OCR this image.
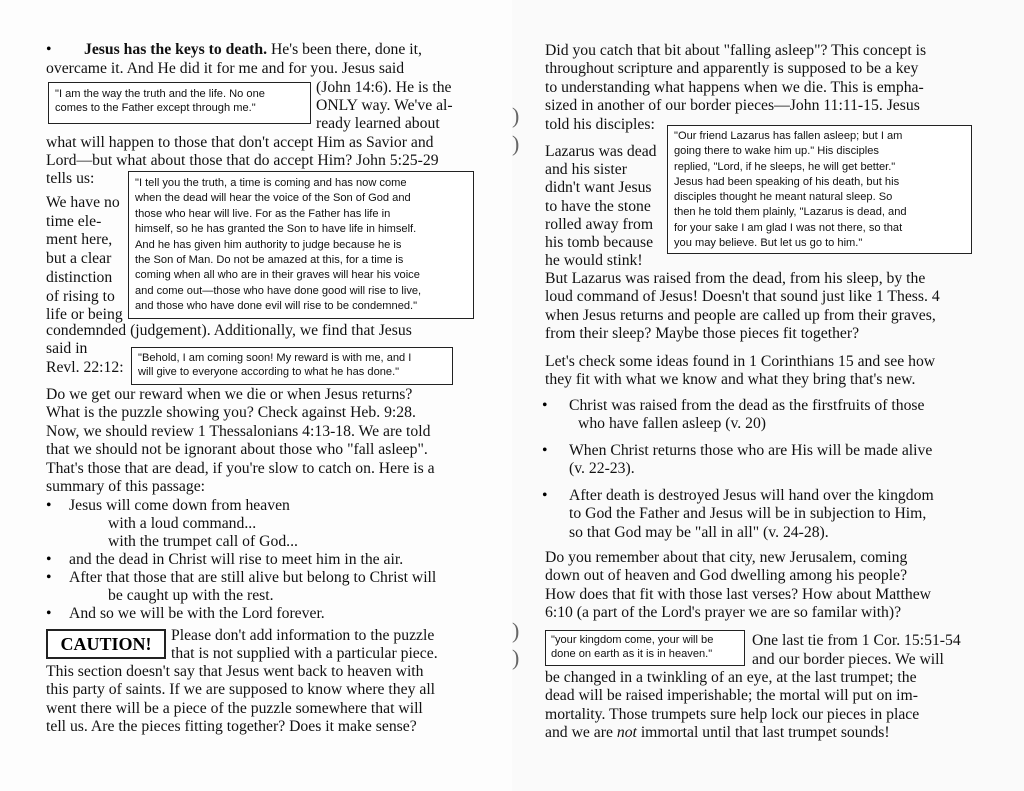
• Jesus has the keys to death. He's been there, done it,

overcame it. And He did it for me and for you. Jesus said

"I am the way the truth and the life. No one
comes to the Father except through me."

(John 14:6). He is the

ONLY way. We've al-

ready learned about

what will happen to those that don't accept Him as Savior and

Lord—but what about those that do accept Him? John 5:25-29

tells us:	"I tell you the truth, a time is coming and has now come
when the dead will hear the voice of the Son of God and
those who hear will live. For as the Father has life in
himself, so he has granted the Son to have life in himself.
And he has given him authority to judge because he is
the Son of Man. Do not be amazed at this, for a time is
coming when all who are in their graves will hear his voice
and come out—those who have done good will rise to live,
and those who have done evil will rise to be condemned."
We have no
time ele-
ment here,
but a clear
distinction
of rising to
life or being

condemnded (judgement). Additionally, we find that Jesus

said in

Revl. 22:12:

"Behold, I am coming soon! My reward is with me, and I
will give to everyone according to what he has done."
Do we get our reward when we die or when Jesus returns?
What is the puzzle showing you? Check against Heb. 9:28.
Now, we should review 1 Thessalonians 4:13-18. We are told
that we should not be ignorant about those who "fall asleep".
That's those that are dead, if you're slow to catch on. Here is a
summary of this passage:
• Jesus will come down from heaven

with a loud command...

with the trumpet call of God...

• and the dead in Christ will rise to meet him in the air.

• After that those that are still alive but belong to Christ will

be caught up with the rest.

• And so we will be with the Lord forever.

CAUTION!	Please don't add information to the puzzle

that is not supplied with a particular piece.

This section doesn't say that Jesus went back to heaven with
this party of saints. If we are supposed to know where they all
went there will be a piece of the puzzle somewhere that will
tell us. Are the pieces fitting together? Does it make sense?
)
)
)
)
Did you catch that bit about "falling asleep"? This concept is
throughout scripture and apparently is supposed to be a key
to understanding what happens when we die. This is empha-
sized in another of our border pieces—John 11:11-15. Jesus
told his disciples:
"Our friend Lazarus has fallen asleep; but I am
going there to wake him up." His disciples
replied, "Lord, if he sleeps, he will get better."
Jesus had been speaking of his death, but his
disciples thought he meant natural sleep. So
then he told them plainly, "Lazarus is dead, and
for your sake I am glad I was not there, so that
you may believe. But let us go to him."
Lazarus was dead
and his sister
didn't want Jesus
to have the stone
rolled away from
his tomb because
he would stink!
But Lazarus was raised from the dead, from his sleep, by the
loud command of Jesus! Doesn't that sound just like 1 Thess. 4
when Jesus returns and people are called up from their graves,
from their sleep? Maybe those pieces fit together?
Let's check some ideas found in 1 Corinthians 15 and see how
they fit with what we know and what they bring that's new.
• Christ was raised from the dead as the firstfruits of those
who have fallen asleep (v. 20)
• When Christ returns those who are His will be made alive
(v. 22-23).
• After death is destroyed Jesus will hand over the kingdom
to God the Father and Jesus will be in subjection to Him,
so that God may be "all in all" (v. 24-28).
Do you remember about that city, new Jerusalem, coming
down out of heaven and God dwelling among his people?
How does that fit with those last verses? How about Matthew
6:10 (a part of the Lord's prayer we are so familar with)?
"your kingdom come, your will be
done on earth as it is in heaven."

One last tie from 1 Cor. 15:51-54

and our border pieces. We will

be changed in a twinkling of an eye, at the last trumpet; the
dead will be raised imperishable; the mortal will put on im-
mortality. Those trumpets sure help lock our pieces in place
and we are not immortal until that last trumpet sounds!
